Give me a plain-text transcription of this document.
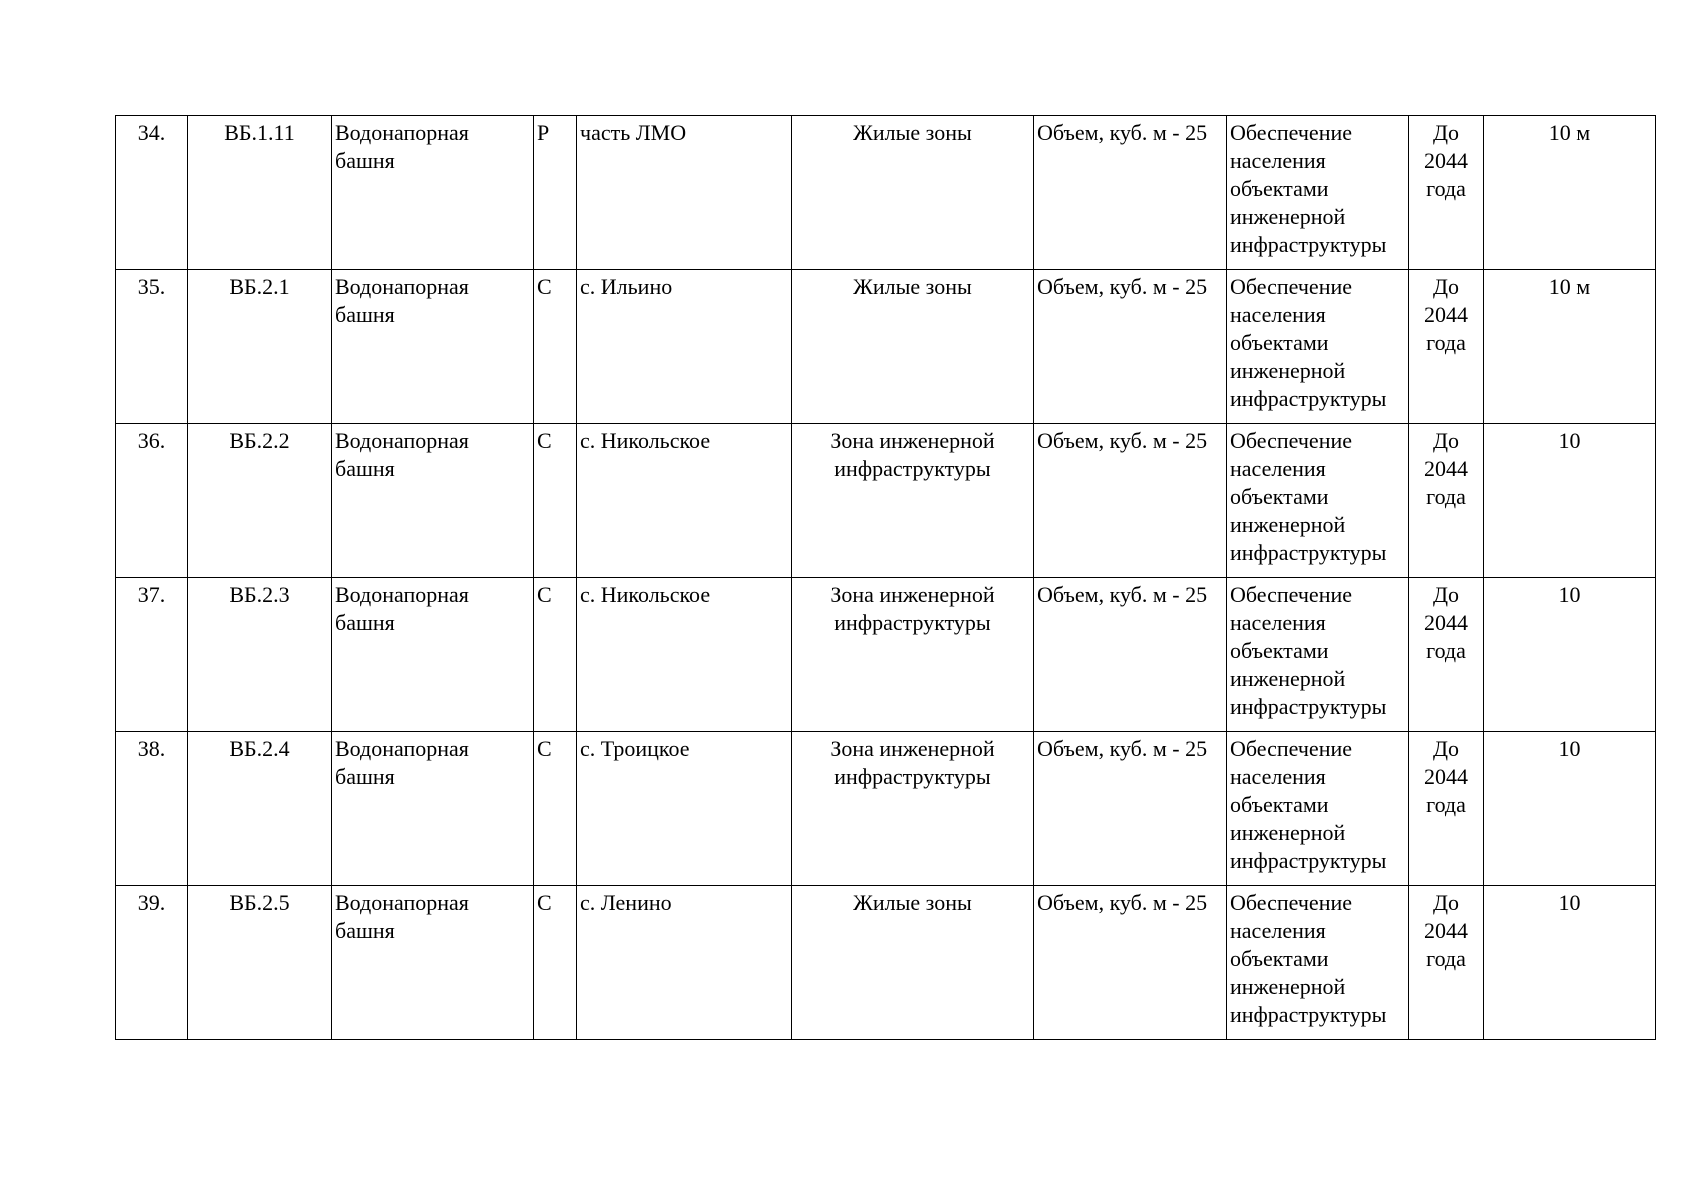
34.	ВБ.1.11	Водонапорная башня	Р	часть ЛМО	Жилые зоны	Объем, куб. м - 25	Обеспечение населения объектами инженерной инфраструктуры	До 2044 года	10 м
35.	ВБ.2.1	Водонапорная башня	С	с. Ильино	Жилые зоны	Объем, куб. м - 25	Обеспечение населения объектами инженерной инфраструктуры	До 2044 года	10 м
36.	ВБ.2.2	Водонапорная башня	С	с. Никольское	Зона инженерной инфраструктуры	Объем, куб. м - 25	Обеспечение населения объектами инженерной инфраструктуры	До 2044 года	10
37.	ВБ.2.3	Водонапорная башня	С	с. Никольское	Зона инженерной инфраструктуры	Объем, куб. м - 25	Обеспечение населения объектами инженерной инфраструктуры	До 2044 года	10
38.	ВБ.2.4	Водонапорная башня	С	с. Троицкое	Зона инженерной инфраструктуры	Объем, куб. м - 25	Обеспечение населения объектами инженерной инфраструктуры	До 2044 года	10
39.	ВБ.2.5	Водонапорная башня	С	с. Ленино	Жилые зоны	Объем, куб. м - 25	Обеспечение населения объектами инженерной инфраструктуры	До 2044 года	10
